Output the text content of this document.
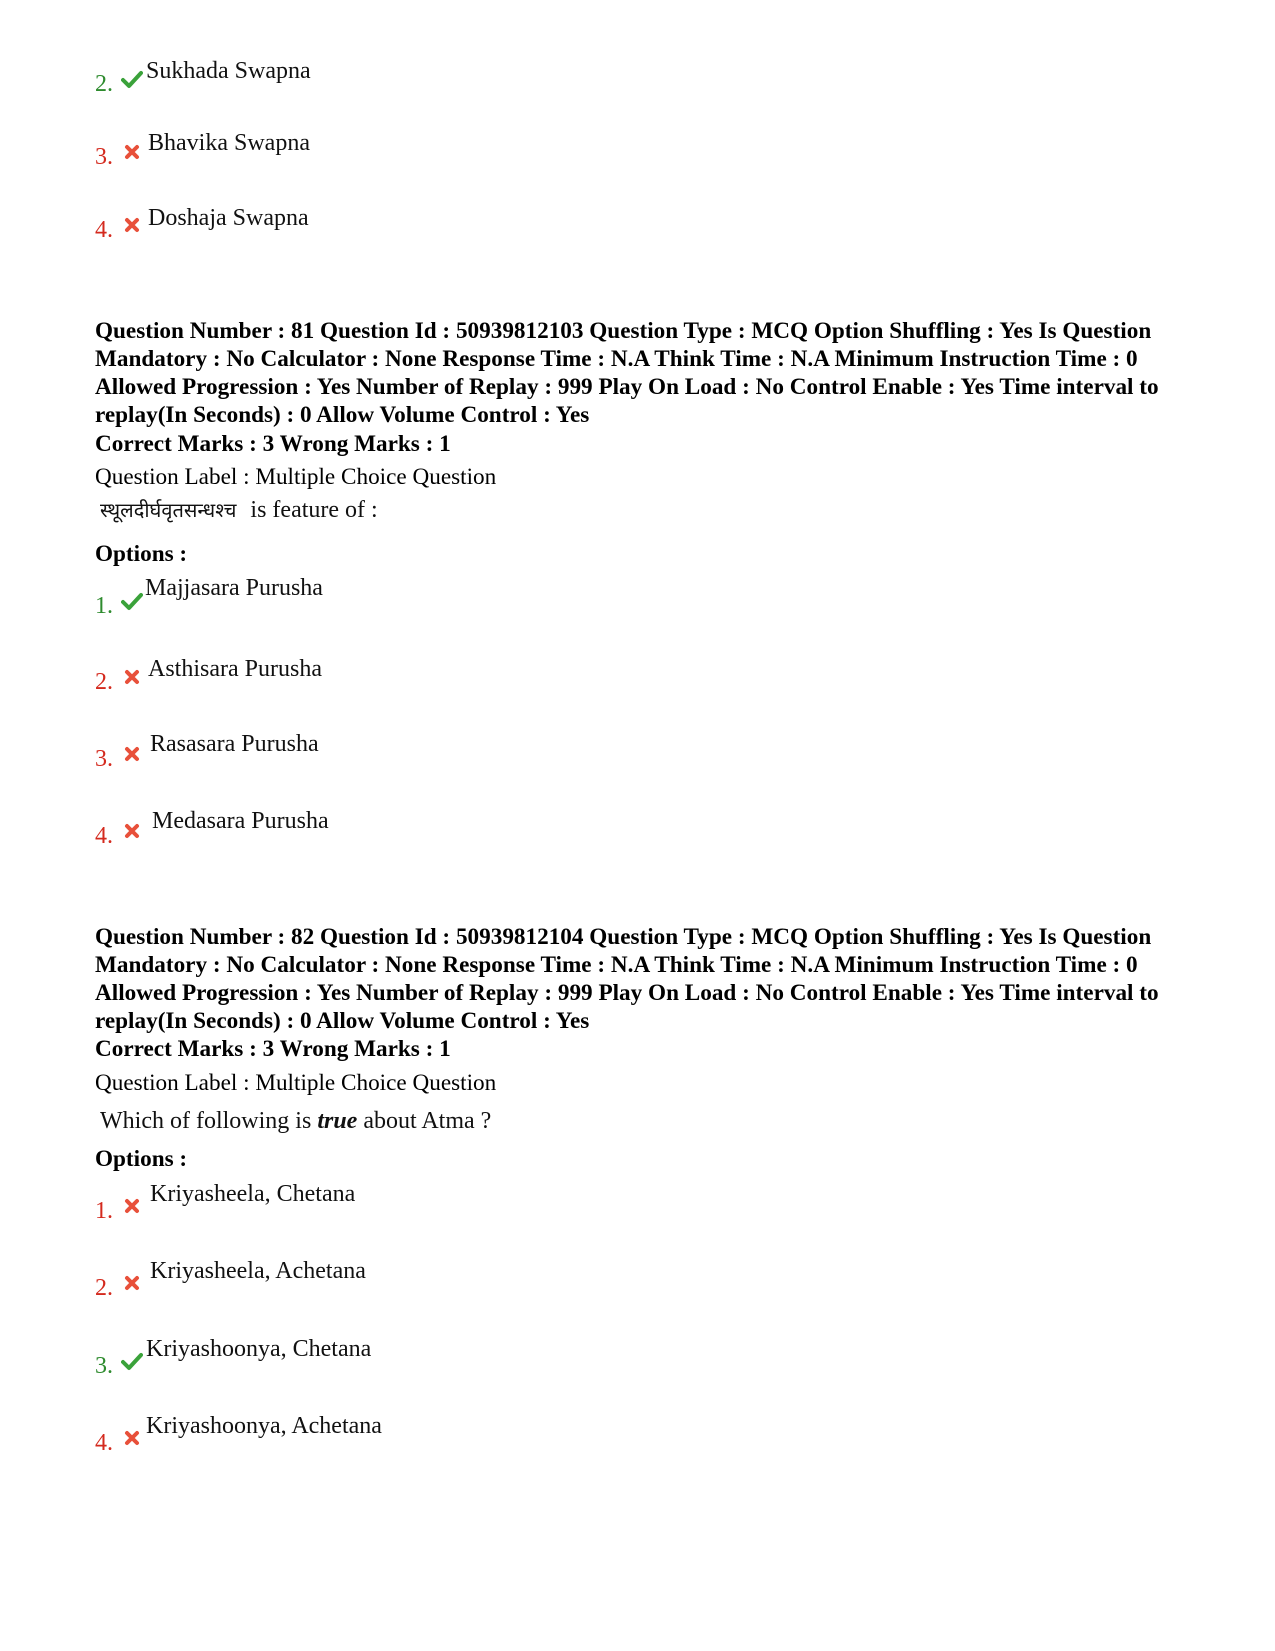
2. Sukhada Swapna
3.
Bhavika Swapna
4. Doshaja Swapna
Question Number : 81 Question Id : 50939812103 Question Type : MCQ Option Shuffling : Yes Is Question Mandatory : No Calculator : None Response Time : N.A Think Time : N.A Minimum Instruction Time : 0 Allowed Progression : Yes Number of Replay : 999 Play On Load : No Control Enable : Yes Time interval to replay(In Seconds) : 0 Allow Volume Control : Yes
Correct Marks : 3 Wrong Marks : 1
Question Label : Multiple Choice Question
स्थूलदीर्घवृतसन्धश्च is feature of :
Options :
1.
Majjasara Purusha
2. Asthisara Purusha
3.
Rasasara Purusha
4.
Medasara Purusha
Question Number : 82 Question Id : 50939812104 Question Type : MCQ Option Shuffling : Yes Is Question Mandatory : No Calculator : None Response Time : N.A Think Time : N.A Minimum Instruction Time : 0 Allowed Progression : Yes Number of Replay : 999 Play On Load : No Control Enable : Yes Time interval to replay(In Seconds) : 0 Allow Volume Control : Yes
Correct Marks : 3 Wrong Marks : 1
Question Label : Multiple Choice Question
Which of following is true about Atma ?
Options :
1.
Kriyasheela, Chetana
2.
Kriyasheela, Achetana
3.
Kriyashoonya, Chetana
4.
Kriyashoonya, Achetana
